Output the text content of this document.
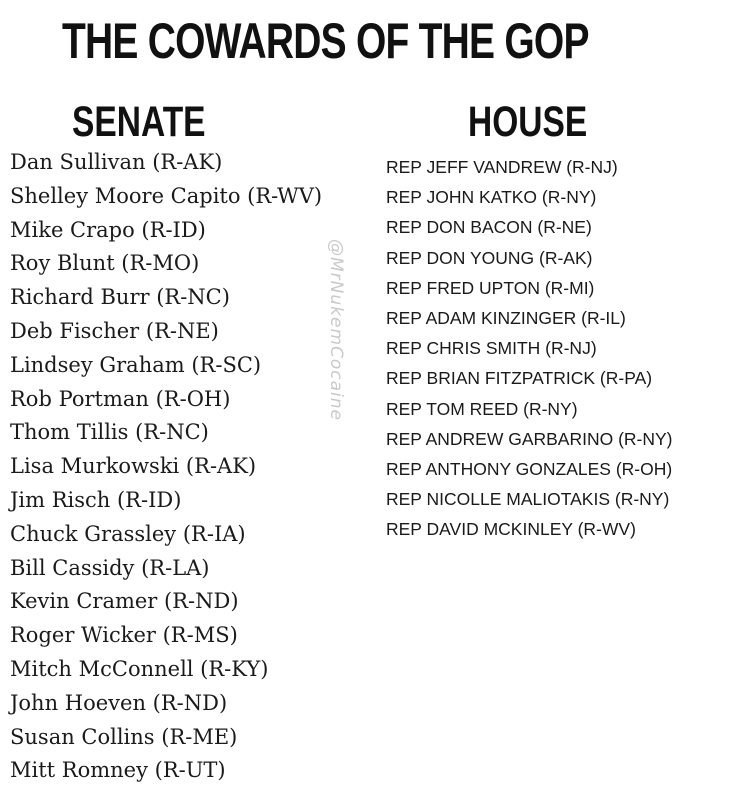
THE COWARDS OF THE GOP
SENATE	HOUSE
Dan Sullivan (R-AK)
Shelley Moore Capito (R-WV)
Mike Crapo (R-ID)
Roy Blunt (R-MO)
Richard Burr (R-NC)
Deb Fischer (R-NE)
Lindsey Graham (R-SC)
Rob Portman (R-OH)
Thom Tillis (R-NC)
Lisa Murkowski (R-AK)
Jim Risch (R-ID)
Chuck Grassley (R-IA)
Bill Cassidy (R-LA)
Kevin Cramer (R-ND)
Roger Wicker (R-MS)
Mitch McConnell (R-KY)
John Hoeven (R-ND)
Susan Collins (R-ME)
Mitt Romney (R-UT)
REP JEFF VANDREW (R-NJ)
REP JOHN KATKO (R-NY)
REP DON BACON (R-NE)
REP DON YOUNG (R-AK)
REP FRED UPTON (R-MI)
REP ADAM KINZINGER (R-IL)
REP CHRIS SMITH (R-NJ)
REP BRIAN FITZPATRICK (R-PA)
REP TOM REED (R-NY)
REP ANDREW GARBARINO (R-NY)
REP ANTHONY GONZALES (R-OH)
REP NICOLLE MALIOTAKIS (R-NY)
REP DAVID MCKINLEY (R-WV)
@MrNukemCocaine
